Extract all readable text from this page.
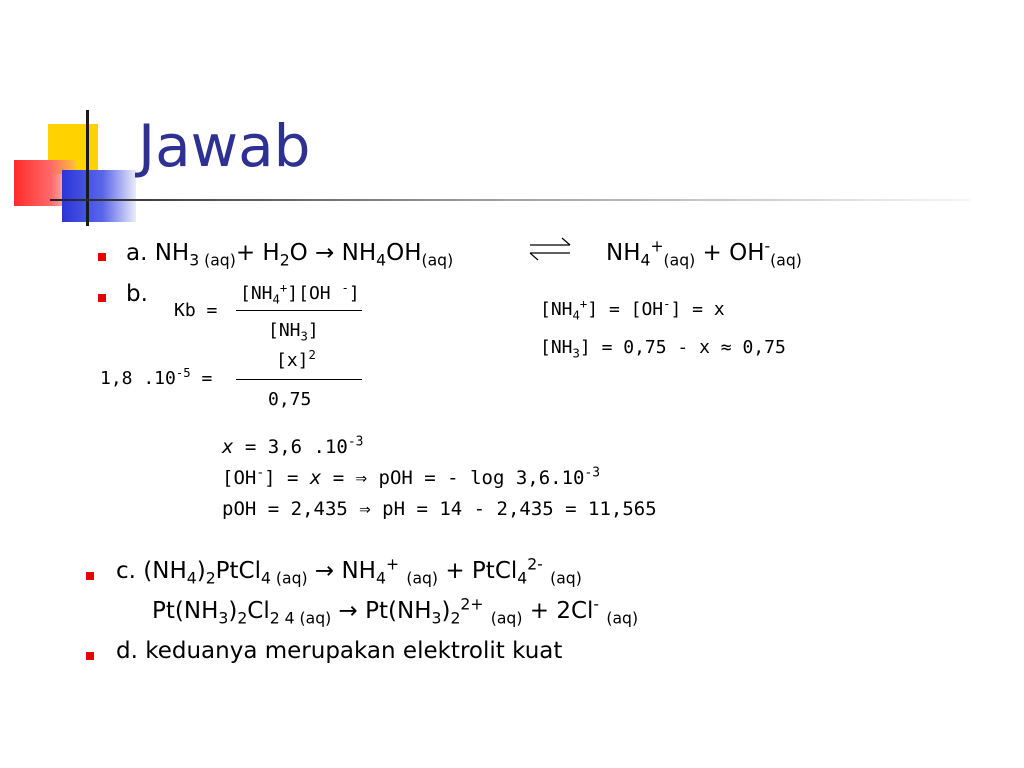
Jawab
a. $NH_{3 (aq)}+ H_2O \to NH_4OH_{(aq)}$	$NH_4^+_{(aq)} + OH^-_{(aq)}$
b.
Kb =
$[NH_4^+][OH$ -]
$[NH_3]$
$[NH_4^+] = [OH^-] = x$
$[NH_3] = 0,75 - x \approx 0,75$
1,8 $.10^{-5}$ =
$[x]^2$
0,75
x = 3,6 $.10^{-3}$
[OH-] = x = ⇒ pOH = - $\log 3,6.10^{-3}$
pOH = 2,435 ⇒ pH = 14 - 2,435 = 11,565
c. $(NH_4)_2PtCl_{4 (aq)} \to NH_4^+$ $_{(aq)}$ + PtCl$_4^{2-}$ $_{(aq)}$
$Pt(NH_3)_2Cl_{2 4 (aq)} \to Pt(NH_3)_2^{2+}$ $_{(aq)}$ + 2Cl- $_{(aq)}$
d. keduanya merupakan elektrolit kuat
